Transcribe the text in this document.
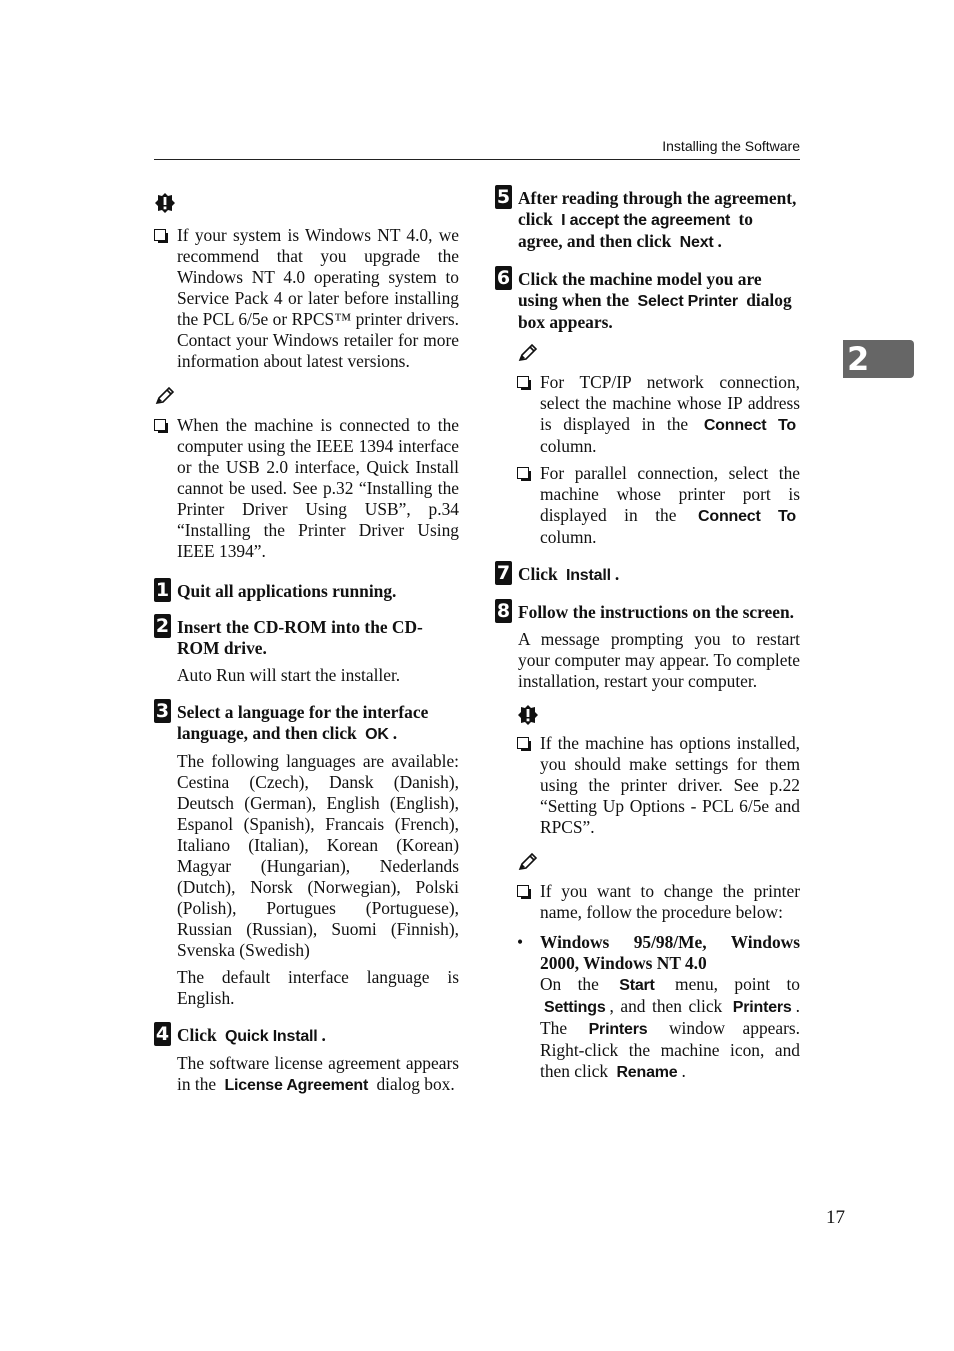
Installing the Software
2
If your system is Windows NT 4.0, we recommend that you upgrade the Windows NT 4.0 operating system to Service Pack 4 or later before installing the PCL 6/5e or RPCS™ printer drivers. Contact your Windows retailer for more information about latest versions.
When the machine is connected to the computer using the IEEE 1394 interface or the USB 2.0 interface, Quick Install cannot be used. See p.32 “Installing the Printer Driver Using USB”, p.34 “Installing the Printer Driver Using IEEE 1394”.
1 Quit all applications running.
2 Insert the CD-ROM into the CD-ROM drive.

Auto Run will start the installer.

3 Select a language for the interface language, and then click OK .

The following languages are available: Cestina (Czech), Dansk (Danish), Deutsch (German), English (English), Espanol (Spanish), Francais (French), Italiano (Italian), Korean (Korean) Magyar (Hungarian), Nederlands (Dutch), Norsk (Norwegian), Polski (Polish), Portugues (Portuguese), Russian (Russian), Suomi (Finnish), Svenska (Swedish)

The default interface language is English.

4 Click Quick Install .

The software license agreement appears in the License Agreement dialog box.

5 After reading through the agreement, click I accept the agreement to agree, and then click Next .
6 Click the machine model you are using when the Select Printer dialog box appears.
For TCP/IP network connection, select the machine whose IP address is displayed in the Connect To column.
For parallel connection, select the machine whose printer port is displayed in the Connect To column.
7 Click Install .
8 Follow the instructions on the screen.

A message prompting you to restart your computer may appear. To complete installation, restart your computer.

If the machine has options installed, you should make settings for them using the printer driver. See p.22 “Setting Up Options - PCL 6/5e and RPCS”.
If you want to change the printer name, follow the procedure below:
• Windows 95/98/Me, Windows 2000, Windows NT 4.0
On the Start menu, point to Settings , and then click Printers . The Printers window appears. Right-click the machine icon, and then click Rename .
17
